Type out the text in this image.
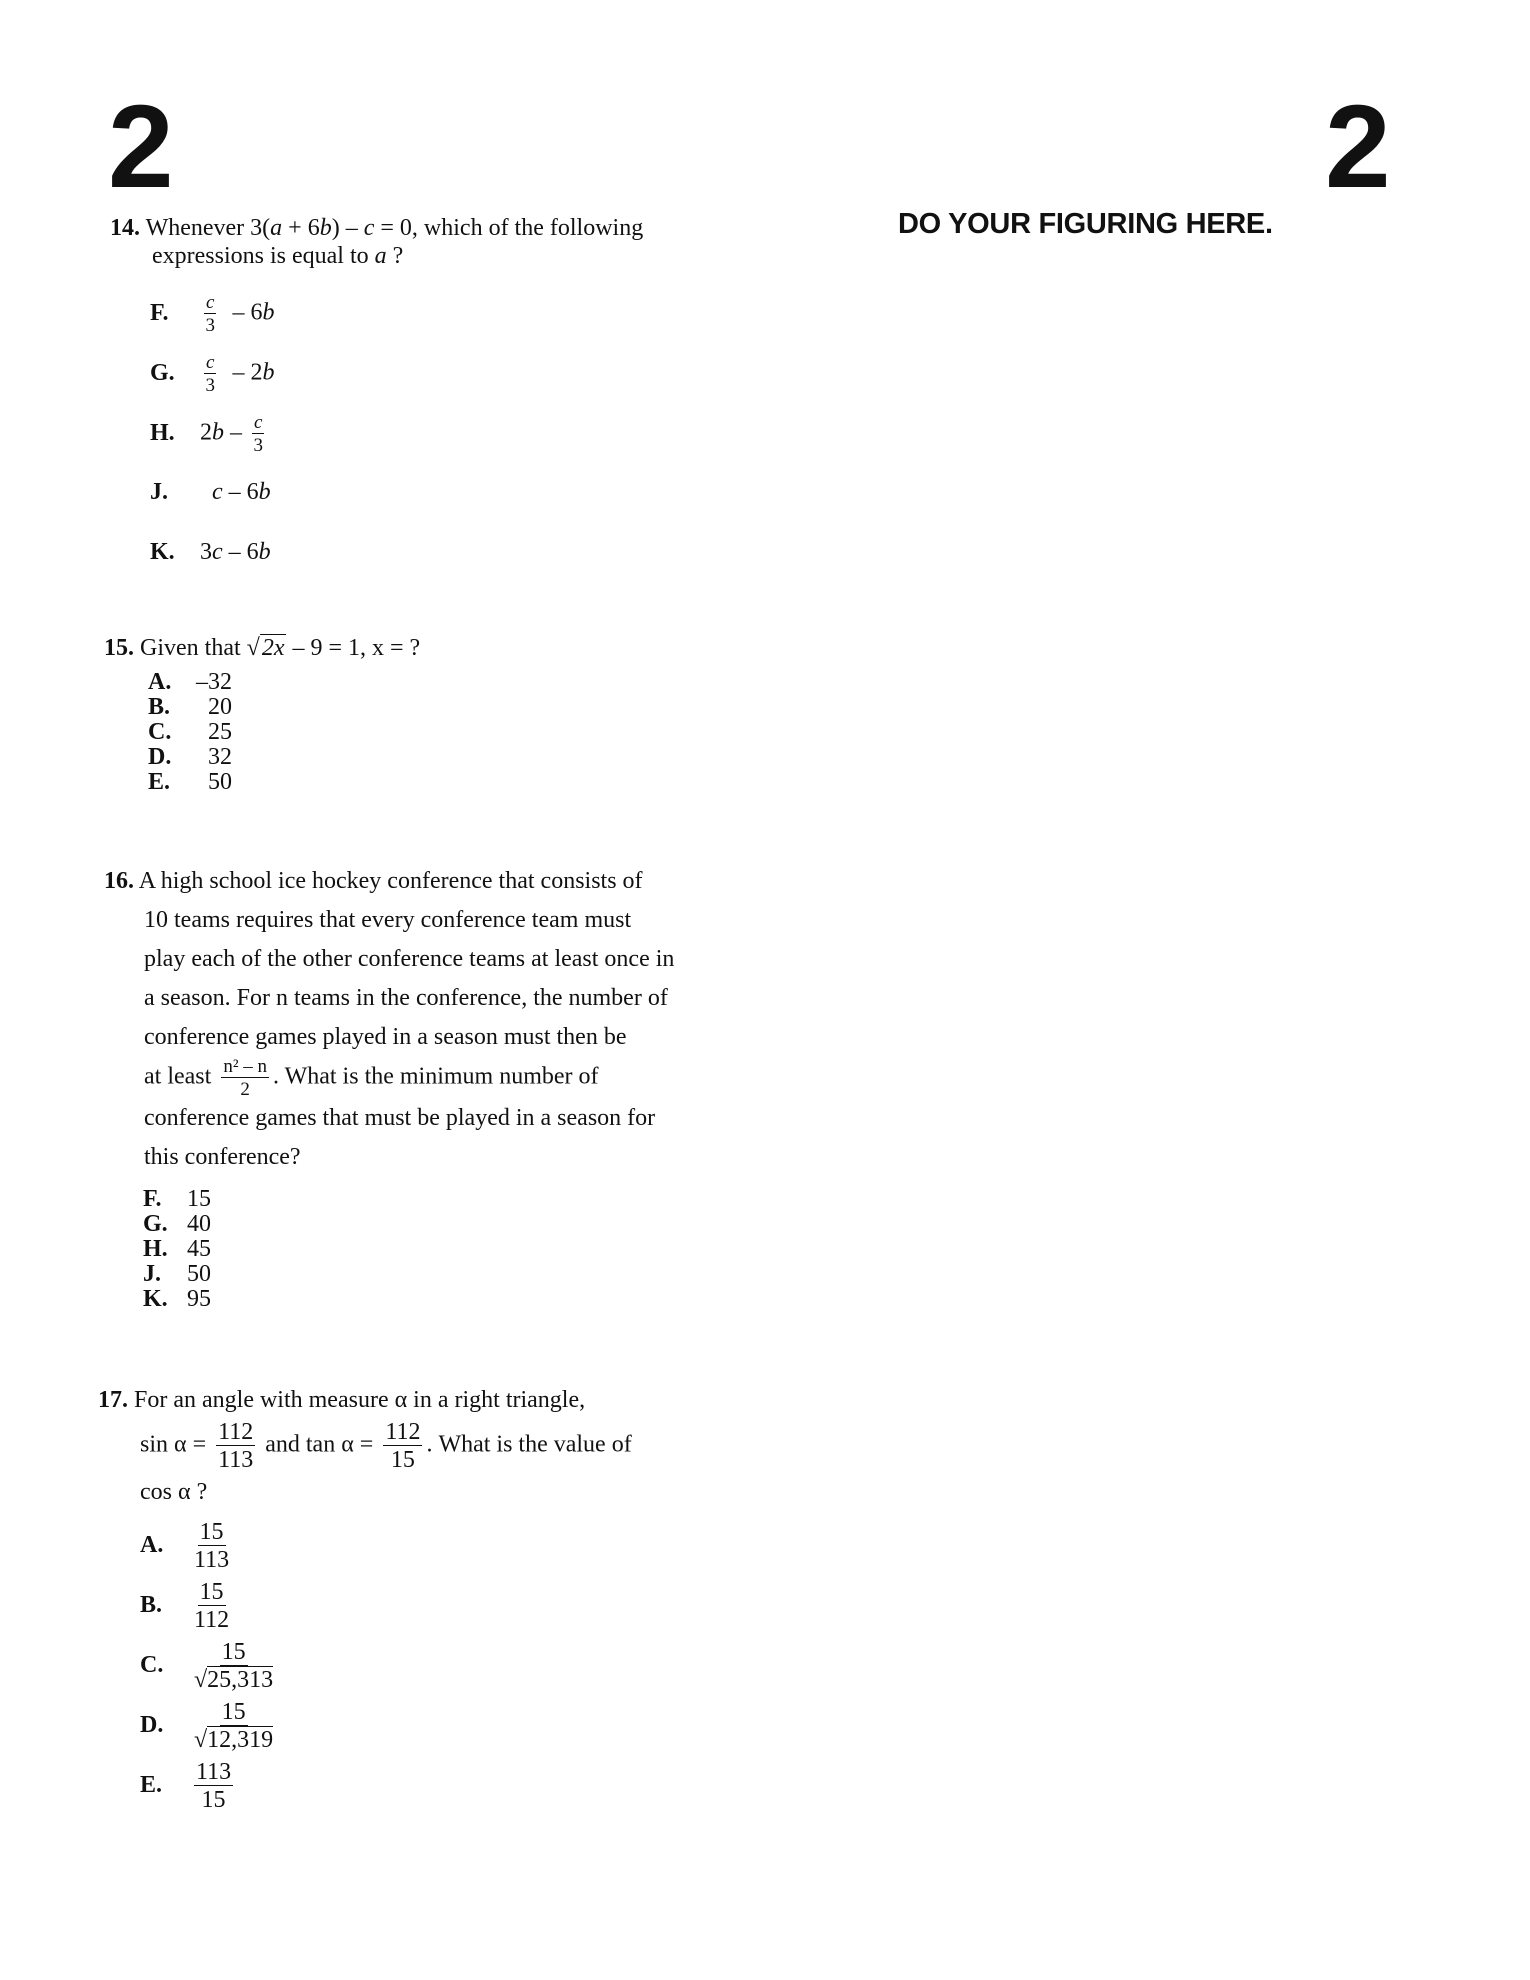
2	2
DO YOUR FIGURING HERE.
14. Whenever 3(a + 6b) – c = 0, which of the following
expressions is equal to a ?
F. $\frac{c}{3} - 6b$
G. $\frac{c}{3} - 2b$
H. $2b - \frac{c}{3}$
J. c – 6b
K. 3c – 6b
15. Given that √2x – 9 = 1, x = ?
A. –32
B. 20
C. 25
D. 32
E. 50
16. A high school ice hockey conference that consists of
10 teams requires that every conference team must
play each of the other conference teams at least once in
a season. For n teams in the conference, the number of
conference games played in a season must then be
at least $\frac{\text{n² – n}}{2}$ . What is the minimum number of
conference games that must be played in a season for
this conference?
F. 15
G. 40
H. 45
J. 50
K. 95
17. For an angle with measure α in a right triangle,
$\sin \alpha = \frac{112}{113}$ and $\tan \alpha = \frac{112}{15}$ . What is the value of
cos α ?
A. $\frac{15}{113}$
B. $\frac{15}{112}$
C. $\frac{15}{√25,313}$
D. $\frac{15}{√12,319}$
E. $\frac{113}{15}$
